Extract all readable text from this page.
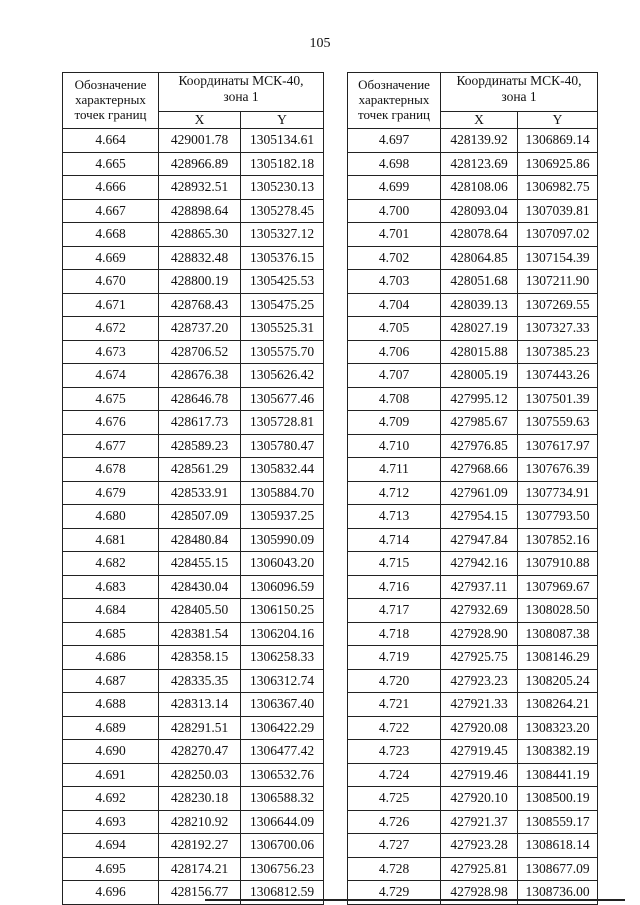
105
Обозначение
характерных
точек границ	Координаты МСК-40,
зона 1	
	X	Y
4.664	429001.78	1305134.61
4.665	428966.89	1305182.18
4.666	428932.51	1305230.13
4.667	428898.64	1305278.45
4.668	428865.30	1305327.12
4.669	428832.48	1305376.15
4.670	428800.19	1305425.53
4.671	428768.43	1305475.25
4.672	428737.20	1305525.31
4.673	428706.52	1305575.70
4.674	428676.38	1305626.42
4.675	428646.78	1305677.46
4.676	428617.73	1305728.81
4.677	428589.23	1305780.47
4.678	428561.29	1305832.44
4.679	428533.91	1305884.70
4.680	428507.09	1305937.25
4.681	428480.84	1305990.09
4.682	428455.15	1306043.20
4.683	428430.04	1306096.59
4.684	428405.50	1306150.25
4.685	428381.54	1306204.16
4.686	428358.15	1306258.33
4.687	428335.35	1306312.74
4.688	428313.14	1306367.40
4.689	428291.51	1306422.29
4.690	428270.47	1306477.42
4.691	428250.03	1306532.76
4.692	428230.18	1306588.32
4.693	428210.92	1306644.09
4.694	428192.27	1306700.06
4.695	428174.21	1306756.23
4.696	428156.77	1306812.59
Обозначение
характерных
точек границ	Координаты МСК-40,
зона 1	
	X	Y
4.697	428139.92	1306869.14
4.698	428123.69	1306925.86
4.699	428108.06	1306982.75
4.700	428093.04	1307039.81
4.701	428078.64	1307097.02
4.702	428064.85	1307154.39
4.703	428051.68	1307211.90
4.704	428039.13	1307269.55
4.705	428027.19	1307327.33
4.706	428015.88	1307385.23
4.707	428005.19	1307443.26
4.708	427995.12	1307501.39
4.709	427985.67	1307559.63
4.710	427976.85	1307617.97
4.711	427968.66	1307676.39
4.712	427961.09	1307734.91
4.713	427954.15	1307793.50
4.714	427947.84	1307852.16
4.715	427942.16	1307910.88
4.716	427937.11	1307969.67
4.717	427932.69	1308028.50
4.718	427928.90	1308087.38
4.719	427925.75	1308146.29
4.720	427923.23	1308205.24
4.721	427921.33	1308264.21
4.722	427920.08	1308323.20
4.723	427919.45	1308382.19
4.724	427919.46	1308441.19
4.725	427920.10	1308500.19
4.726	427921.37	1308559.17
4.727	427923.28	1308618.14
4.728	427925.81	1308677.09
4.729	427928.98	1308736.00
